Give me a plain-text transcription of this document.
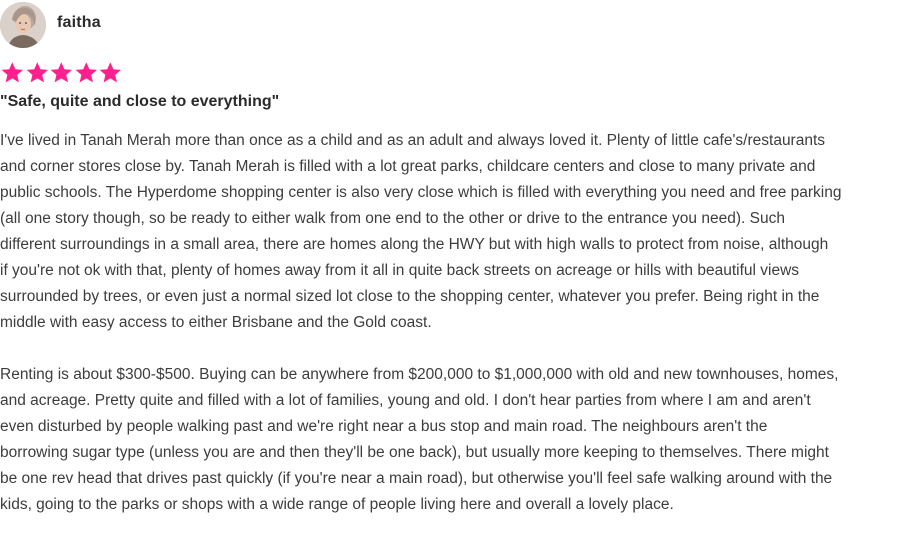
faitha
"Safe, quite and close to everything"
I've lived in Tanah Merah more than once as a child and as an adult and always loved it. Plenty of little cafe's/restaurants
and corner stores close by. Tanah Merah is filled with a lot great parks, childcare centers and close to many private and
public schools. The Hyperdome shopping center is also very close which is filled with everything you need and free parking
(all one story though, so be ready to either walk from one end to the other or drive to the entrance you need). Such
different surroundings in a small area, there are homes along the HWY but with high walls to protect from noise, although
if you're not ok with that, plenty of homes away from it all in quite back streets on acreage or hills with beautiful views
surrounded by trees, or even just a normal sized lot close to the shopping center, whatever you prefer. Being right in the
middle with easy access to either Brisbane and the Gold coast.
Renting is about $300-$500. Buying can be anywhere from $200,000 to $1,000,000 with old and new townhouses, homes,
and acreage. Pretty quite and filled with a lot of families, young and old. I don't hear parties from where I am and aren't
even disturbed by people walking past and we're right near a bus stop and main road. The neighbours aren't the
borrowing sugar type (unless you are and then they'll be one back), but usually more keeping to themselves. There might
be one rev head that drives past quickly (if you're near a main road), but otherwise you'll feel safe walking around with the
kids, going to the parks or shops with a wide range of people living here and overall a lovely place.
